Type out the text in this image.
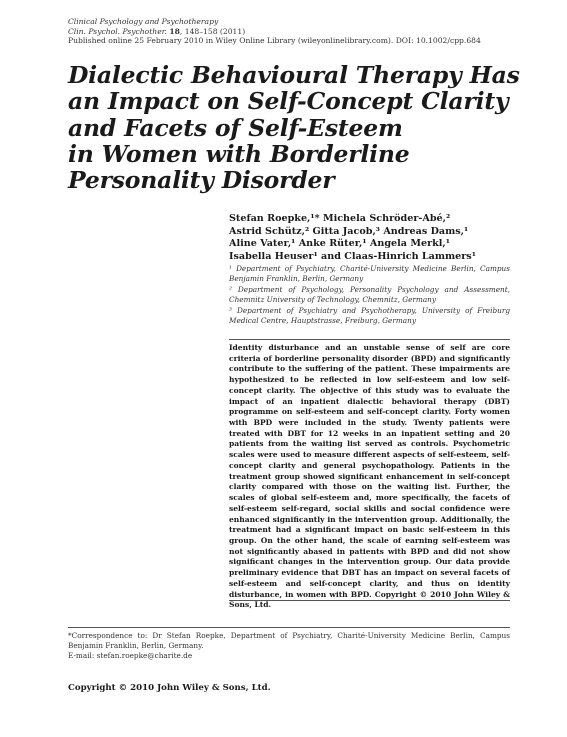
Clinical Psychology and Psychotherapy
Clin. Psychol. Psychother. 18, 148–158 (2011)
Published online 25 February 2010 in Wiley Online Library (wileyonlinelibrary.com). DOI: 10.1002/cpp.684
Dialectic Behavioural Therapy Has
an Impact on Self-Concept Clarity
and Facets of Self-Esteem
in Women with Borderline
Personality Disorder
Stefan Roepke,¹* Michela Schröder-Abé,²
Astrid Schütz,² Gitta Jacob,³ Andreas Dams,¹
Aline Vater,¹ Anke Rüter,¹ Angela Merkl,¹
Isabella Heuser¹ and Claas-Hinrich Lammers¹

¹ Department of Psychiatry, Charité-University Medicine Berlin, Campus Benjamin Franklin, Berlin, Germany

² Department of Psychology, Personality Psychology and Assessment, Chemnitz University of Technology, Chemnitz, Germany

³ Department of Psychiatry and Psychotherapy, University of Freiburg Medical Centre, Hauptstrasse, Freiburg, Germany

Identity disturbance and an unstable sense of self are core criteria of borderline personality disorder (BPD) and significantly contribute to the suffering of the patient. These impairments are hypothesized to be reflected in low self-esteem and low self-concept clarity. The objective of this study was to evaluate the impact of an inpatient dialectic behavioral therapy (DBT) programme on self-esteem and self-concept clarity. Forty women with BPD were included in the study. Twenty patients were treated with DBT for 12 weeks in an inpatient setting and 20 patients from the waiting list served as controls. Psychometric scales were used to measure different aspects of self-esteem, self-concept clarity and general psychopathology. Patients in the treatment group showed significant enhancement in self-concept clarity compared with those on the waiting list. Further, the scales of global self-esteem and, more specifically, the facets of self-esteem self-regard, social skills and social confidence were enhanced significantly in the intervention group. Additionally, the treatment had a significant impact on basic self-esteem in this group. On the other hand, the scale of earning self-esteem was not significantly abased in patients with BPD and did not show significant changes in the intervention group. Our data provide preliminary evidence that DBT has an impact on several facets of self-esteem and self-concept clarity, and thus on identity disturbance, in women with BPD. Copyright © 2010 John Wiley & Sons, Ltd.

*Correspondence to: Dr Stefan Roepke, Department of Psychiatry, Charité-University Medicine Berlin, Campus Benjamin Franklin, Berlin, Germany.

E-mail: stefan.roepke@charite.de

Copyright © 2010 John Wiley & Sons, Ltd.
